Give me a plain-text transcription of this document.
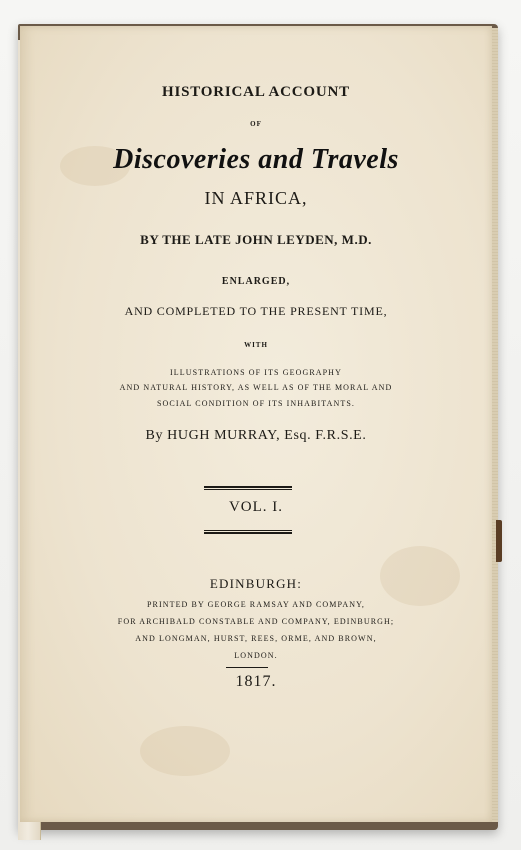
HISTORICAL ACCOUNT
OF
Discoveries and Travels
IN AFRICA,
BY THE LATE JOHN LEYDEN, M.D.
ENLARGED,
AND COMPLETED TO THE PRESENT TIME,
WITH
ILLUSTRATIONS OF ITS GEOGRAPHY
AND NATURAL HISTORY, AS WELL AS OF THE MORAL AND
SOCIAL CONDITION OF ITS INHABITANTS.
By HUGH MURRAY, Esq. F.R.S.E.
VOL. I.
EDINBURGH:
PRINTED BY GEORGE RAMSAY AND COMPANY,
FOR ARCHIBALD CONSTABLE AND COMPANY, EDINBURGH;
AND LONGMAN, HURST, REES, ORME, AND BROWN,
LONDON.
1817.
